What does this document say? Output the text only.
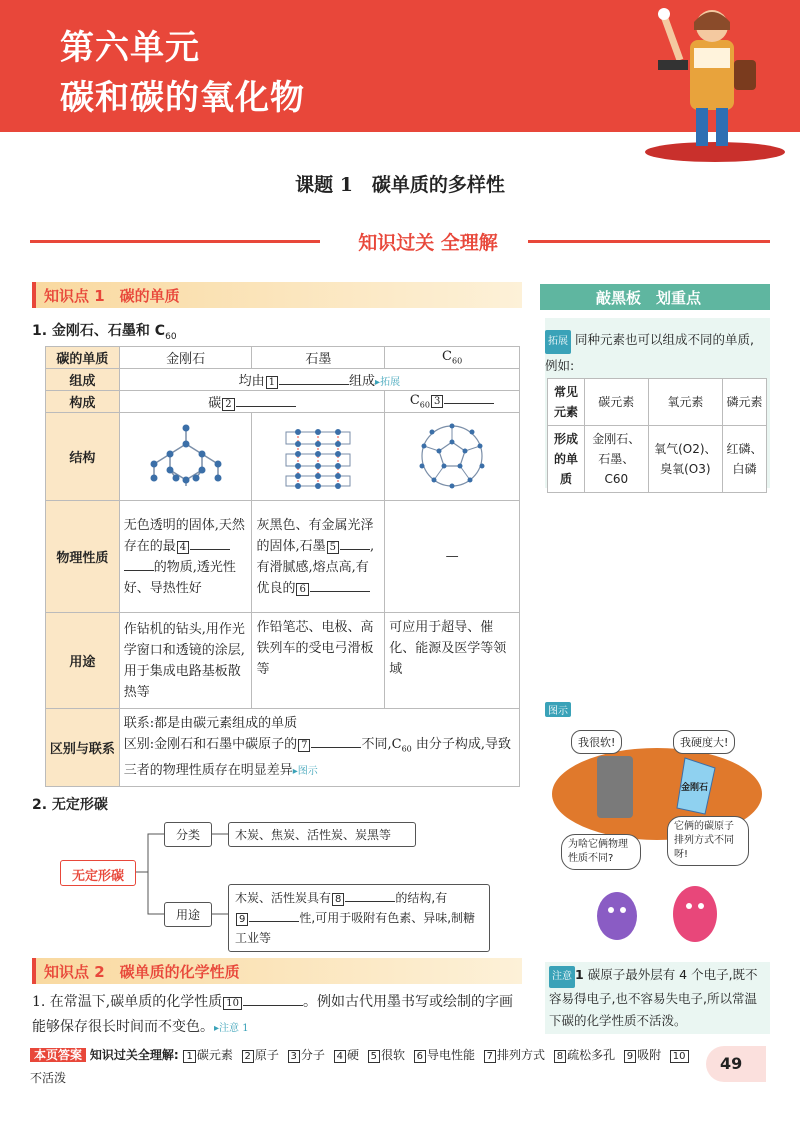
第六单元
碳和碳的氧化物
课题 1　碳单质的多样性
知识过关 全理解
知识点 1　碳的单质
1. 金刚石、石墨和 $C_{60}$
碳的单质	金刚石	石墨	$C_{60}$
组成	均由 1 组成▸拓展		
构成	碳 2		$C_{60}$ 3
结构			
物理性质	无色透明的固体,天然存在的最 4
的物质,透光性好、导热性好	灰黑色、有金属光泽的固体,石墨 5 ,有滑腻感,熔点高,有优良的 6	—
用途	作钻机的钻头,用作光学窗口和透镜的涂层,用于集成电路基板散热等	作铅笔芯、电极、高铁列车的受电弓滑板等	可应用于超导、催化、能源及医学等领域
区别与联系	联系:都是由碳元素组成的单质
区别:金刚石和石墨中碳原子的 7 不同$,C_{60}$ 由分子构成,导致三者的物理性质存在明显差异▸图示		
2. 无定形碳
无定形碳
分类	木炭、焦炭、活性炭、炭黑等
用途
木炭、活性炭具有 8	的结构,有
9	性,可用于吸附有色素、异味,制糖工业等
知识点 2　碳单质的化学性质
1. 在常温下,碳单质的化学性质 10	。例如古代用墨书写或绘制的字画能够保存很长时间而不变色。▸注意 1
本页答案 知识过关全理解: 1 碳元素 2 原子 3 分子 4 硬 5 很软 6 导电性能 7 排列方式 8 疏松多孔 9 吸附 10不活泼
49
敲黑板　划重点
拓展 同种元素也可以组成不同的单质,例如:
常见元素	碳元素	氧元素	磷元素
形成的单质	金刚石、石墨、C60	氧气(O2)、臭氧(O3)	红磷、白磷
图示
我很软!	我硬度大!
金刚石
为啥它俩物理性质不同?
它俩的碳原子排列方式不同呀!
注意 1 碳原子最外层有 4 个电子,既不容易得电子,也不容易失电子,所以常温下碳的化学性质不活泼。
